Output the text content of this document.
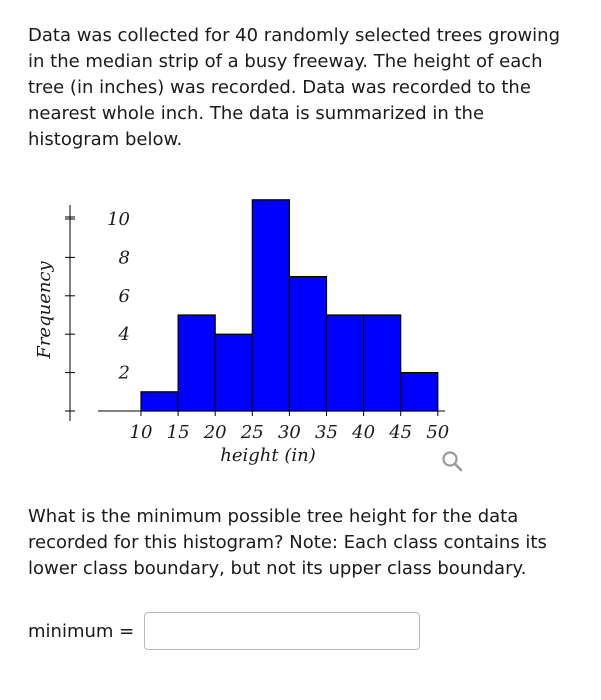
Data was collected for 40 randomly selected trees growing in the median strip of a busy freeway. The height of each tree (in inches) was recorded. Data was recorded to the nearest whole inch. The data is summarized in the histogram below.

2
4
6
8
10
Frequency
10 15 20 25 30 35 40 45 50
height (in)

What is the minimum possible tree height for the data recorded for this histogram? Note: Each class contains its lower class boundary, but not its upper class boundary.

minimum =
